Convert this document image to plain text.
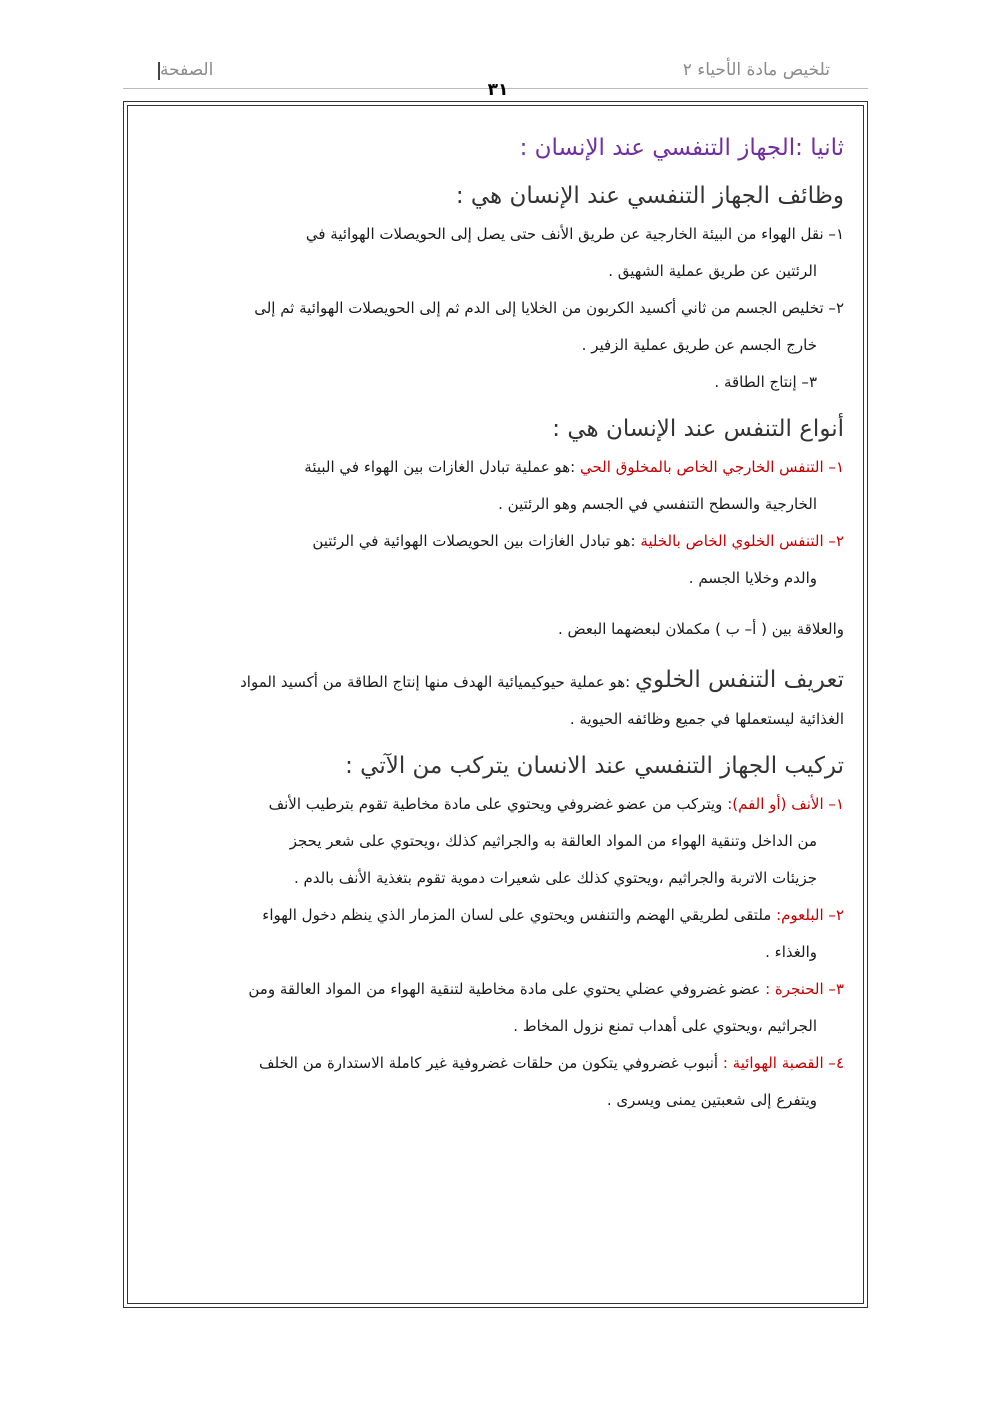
الصفحة	تلخيص مادة الأحياء ٢
٣١

ثانيا :الجهاز التنفسي عند الإنسان :

وظائف الجهاز التنفسي عند الإنسان هي :

١– نقل الهواء من البيئة الخارجية عن طريق الأنف حتى يصل إلى الحويصلات الهوائية في

الرئتين عن طريق عملية الشهيق .

٢– تخليص الجسم من ثاني أكسيد الكربون من الخلايا إلى الدم ثم إلى الحويصلات الهوائية ثم إلى

خارج الجسم عن طريق عملية الزفير .

٣– إنتاج الطاقة .

أنواع التنفس عند الإنسان هي :

١– التنفس الخارجي الخاص بالمخلوق الحي :هو عملية تبادل الغازات بين الهواء في البيئة

الخارجية والسطح التنفسي في الجسم وهو الرئتين .

٢– التنفس الخلوي الخاص بالخلية :هو تبادل الغازات بين الحويصلات الهوائية في الرئتين

والدم وخلايا الجسم .

والعلاقة بين ( أ– ب ) مكملان لبعضهما البعض .

تعريف التنفس الخلوي :هو عملية حيوكيميائية الهدف منها إنتاج الطاقة من أكسيد المواد

الغذائية ليستعملها في جميع وظائفه الحيوية .

تركيب الجهاز التنفسي عند الانسان يتركب من الآتي :

١– الأنف (أو الفم): ويتركب من عضو غضروفي ويحتوي على مادة مخاطية تقوم بترطيب الأنف

من الداخل وتنقية الهواء من المواد العالقة به والجراثيم كذلك ،ويحتوي على شعر يحجز

جزيئات الاتربة والجراثيم ،ويحتوي كذلك على شعيرات دموية تقوم بتغذية الأنف بالدم .

٢– البلعوم: ملتقى لطريقي الهضم والتنفس ويحتوي على لسان المزمار الذي ينظم دخول الهواء

والغذاء .

٣– الحنجرة : عضو غضروفي عضلي يحتوي على مادة مخاطية لتنقية الهواء من المواد العالقة ومن

الجراثيم ،ويحتوي على أهداب تمنع نزول المخاط .

٤– القصبة الهوائية : أنبوب غضروفي يتكون من حلقات غضروفية غير كاملة الاستدارة من الخلف

ويتفرع إلى شعبتين يمنى ويسرى .
